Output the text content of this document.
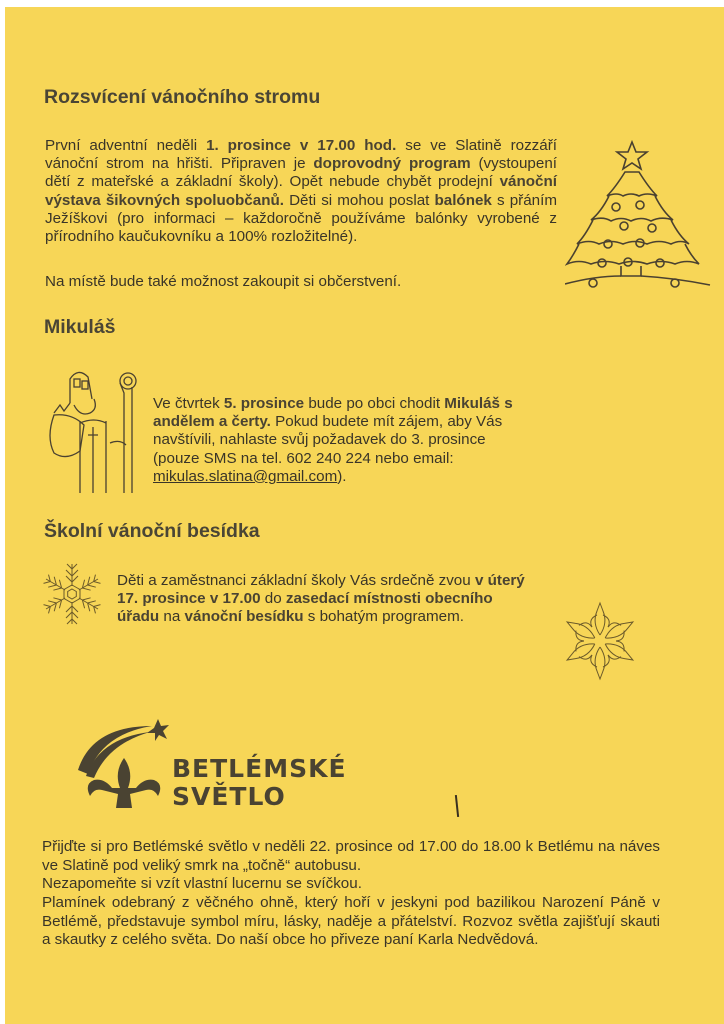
Rozsvícení vánočního stromu

První adventní neděli 1. prosince v 17.00 hod. se ve Slatině rozzáří vánoční strom na hřišti. Připraven je doprovodný program (vystoupení dětí z mateřské a základní školy). Opět nebude chybět prodejní vánoční výstava šikovných spoluobčanů. Děti si mohou poslat balónek s přáním Ježíškovi (pro informaci – každoročně používáme balónky vyrobené z přírodního kaučukovníku a 100% rozložitelné).

Na místě bude také možnost zakoupit si občerstvení.

Mikuláš

Ve čtvrtek 5. prosince bude po obci chodit Mikuláš s andělem a čerty. Pokud budete mít zájem, aby Vás navštívili, nahlaste svůj požadavek do 3. prosince (pouze SMS na tel. 602 240 224 nebo email: mikulas.slatina@gmail.com).

Školní vánoční besídka

Děti a zaměstnanci základní školy Vás srdečně zvou v úterý 17. prosince v 17.00 do zasedací místnosti obecního úřadu na vánoční besídku s bohatým programem.

BETLÉMSKÉ
SVĚTLO

Přijďte si pro Betlémské světlo v neděli 22. prosince od 17.00 do 18.00 k Betlému na náves ve Slatině pod veliký smrk na „točně“ autobusu.

Nezapomeňte si vzít vlastní lucernu se svíčkou.

Plamínek odebraný z věčného ohně, který hoří v jeskyni pod bazilikou Narození Páně v Betlémě, představuje symbol míru, lásky, naděje a přátelství. Rozvoz světla zajišťují skauti a skautky z celého světa. Do naší obce ho přiveze paní Karla Nedvědová.
